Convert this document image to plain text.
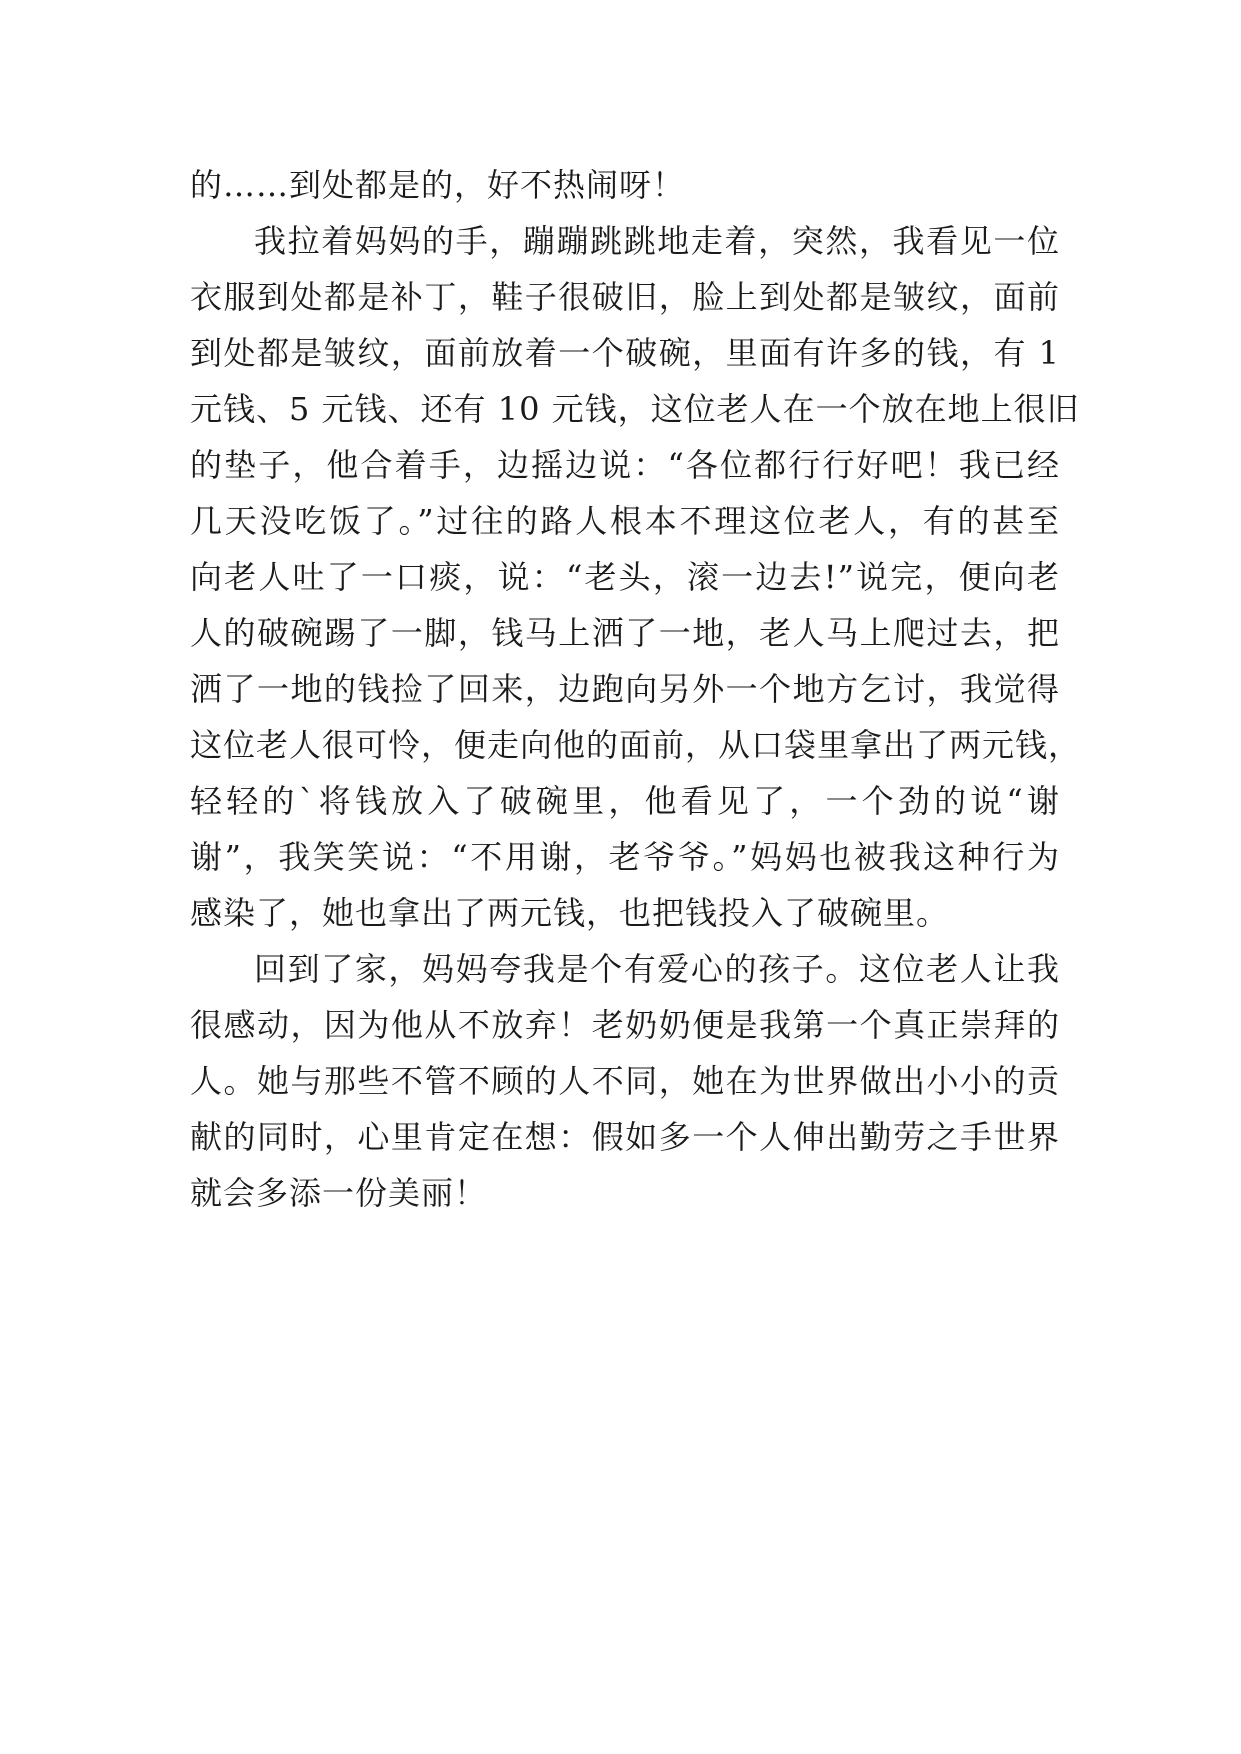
的……到处都是的，好不热闹呀！
我拉着妈妈的手，蹦蹦跳跳地走着，突然，我看见一位
衣服到处都是补丁，鞋子很破旧，脸上到处都是皱纹，面前
到处都是皱纹，面前放着一个破碗，里面有许多的钱，有 1
元钱、5 元钱、还有 10 元钱，这位老人在一个放在地上很旧
的垫子，他合着手，边摇边说：“各位都行行好吧！我已经
几天没吃饭了。”过往的路人根本不理这位老人，有的甚至
向老人吐了一口痰，说：“老头，滚一边去!”说完，便向老
人的破碗踢了一脚，钱马上洒了一地，老人马上爬过去，把
洒了一地的钱捡了回来，边跑向另外一个地方乞讨，我觉得
这位老人很可怜，便走向他的面前，从口袋里拿出了两元钱，
轻轻的`将钱放入了破碗里，他看见了，一个劲的说“谢
谢”，我笑笑说：“不用谢，老爷爷。”妈妈也被我这种行为
感染了，她也拿出了两元钱，也把钱投入了破碗里。
回到了家，妈妈夸我是个有爱心的孩子。这位老人让我
很感动，因为他从不放弃！老奶奶便是我第一个真正崇拜的
人。她与那些不管不顾的人不同，她在为世界做出小小的贡
献的同时，心里肯定在想：假如多一个人伸出勤劳之手世界
就会多添一份美丽！
